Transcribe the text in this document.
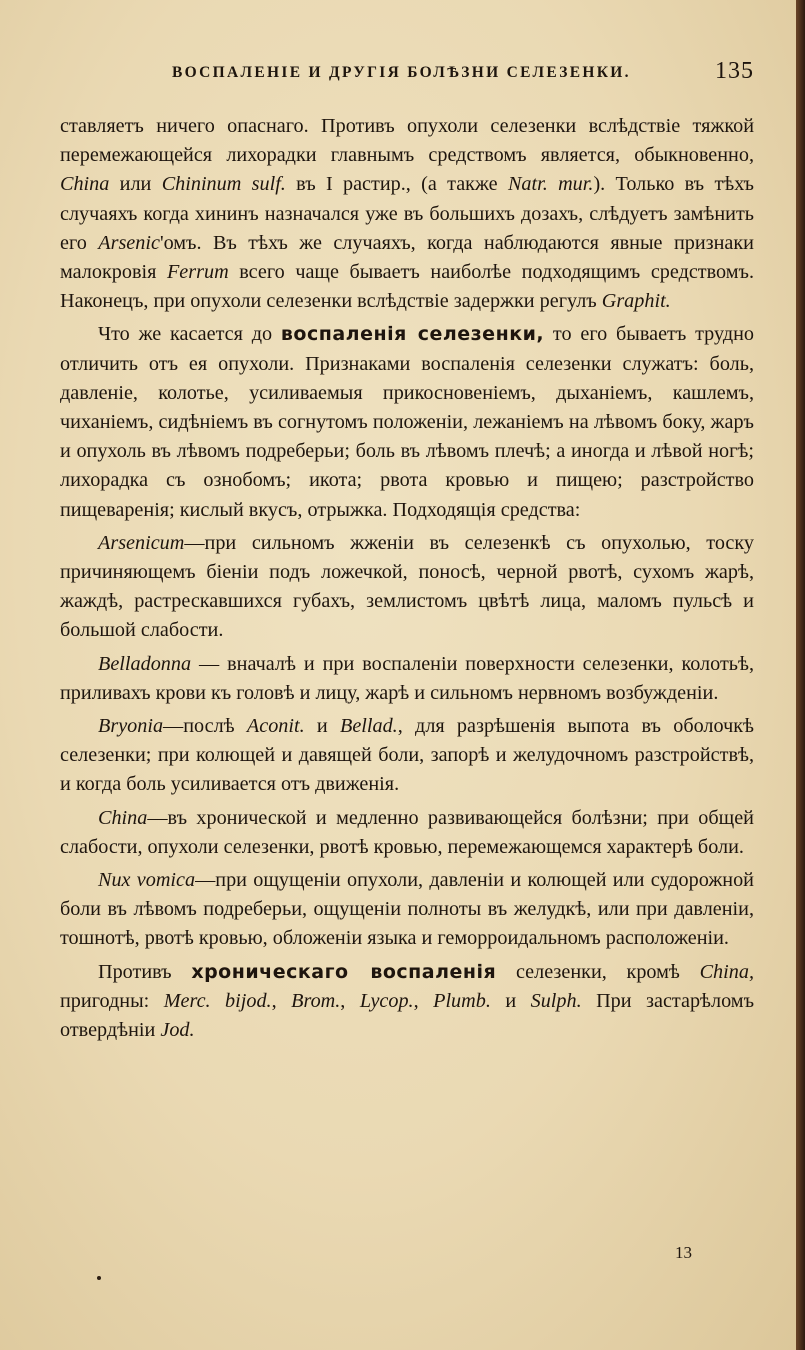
ВОСПАЛЕНІЕ И ДРУГІЯ БОЛѢЗНИ СЕЛЕЗЕНКИ.	135

ставляетъ ничего опаснаго. Противъ опухоли селезенки вслѣдствіе тяжкой перемежающейся лихорадки главнымъ средствомъ является, обыкновенно, China или Chininum sulf. въ I растир., (а также Natr. mur.). Только въ тѣхъ случаяхъ когда хининъ назначался уже въ большихъ дозахъ, слѣдуетъ замѣнить его Arsenic'омъ. Въ тѣхъ же случаяхъ, когда наблюдаются явные признаки малокровія Ferrum всего чаще бываетъ наиболѣе подходящимъ средствомъ. Наконецъ, при опухоли селезенки вслѣдствіе задержки регулъ Graphit.

Что же касается до воспаленія селезенки, то его бываетъ трудно отличить отъ ея опухоли. Признаками воспаленія селезенки служатъ: боль, давленіе, колотье, усиливаемыя прикосновеніемъ, дыханіемъ, кашлемъ, чиханіемъ, сидѣніемъ въ согнутомъ положеніи, лежаніемъ на лѣвомъ боку, жаръ и опухоль въ лѣвомъ подреберьи; боль въ лѣвомъ плечѣ; а иногда и лѣвой ногѣ; лихорадка съ ознобомъ; икота; рвота кровью и пищею; разстройство пищеваренія; кислый вкусъ, отрыжка. Подходящія средства:

Arsenicum—при сильномъ жженіи въ селезенкѣ съ опухолью, тоску причиняющемъ біеніи подъ ложечкой, поносѣ, черной рвотѣ, сухомъ жарѣ, жаждѣ, растрескавшихся губахъ, землистомъ цвѣтѣ лица, маломъ пульсѣ и большой слабости.

Belladonna — вначалѣ и при воспаленіи поверхности селезенки, колотьѣ, приливахъ крови къ головѣ и лицу, жарѣ и сильномъ нервномъ возбужденіи.

Bryonia—послѣ Aconit. и Bellad., для разрѣшенія выпота въ оболочкѣ селезенки; при колющей и давящей боли, запорѣ и желудочномъ разстройствѣ, и когда боль усиливается отъ движенія.

China—въ хронической и медленно развивающейся болѣзни; при общей слабости, опухоли селезенки, рвотѣ кровью, перемежающемся характерѣ боли.

Nux vomica—при ощущеніи опухоли, давленіи и колющей или судорожной боли въ лѣвомъ подреберьи, ощущеніи полноты въ желудкѣ, или при давленіи, тошнотѣ, рвотѣ кровью, обложеніи языка и геморроидальномъ расположеніи.

Противъ хроническаго воспаленія селезенки, кромѣ China, пригодны: Merc. bijod., Brom., Lycop., Plumb. и Sulph. При застарѣломъ отвердѣніи Jod.

13
